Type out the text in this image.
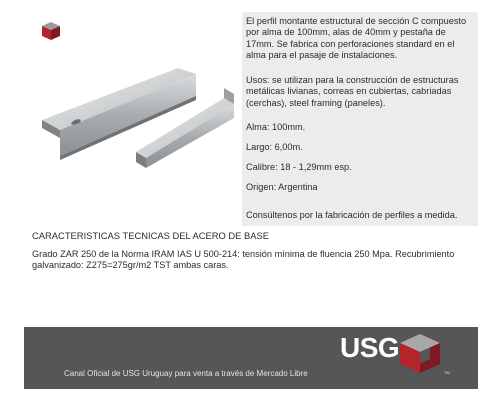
El perfil montante estructural de sección C compuesto por alma de 100mm, alas de 40mm y pestaña de 17mm. Se fabrica con perforaciones standard en el alma para el pasaje de instalaciones.

Usos: se utilizan para la construcción de estructuras metálicas livianas, correas en cubiertas, cabriadas (cerchas), steel framing (paneles).

Alma: 100mm.

Largo: 6,00m.

Calibre: 18 - 1,29mm esp.

Origen: Argentina

Consúltenos por la fabricación de perfiles a medida.

CARACTERISTICAS TECNICAS DEL ACERO DE BASE

Grado ZAR 250 de la Norma IRAM IAS U 500-214: tensión mínima de fluencia 250 Mpa. Recubrimiento galvanizado: Z275=275gr/m2 TST ambas caras.

USG

TM

Canal Oficial de USG Uruguay para venta a través de Mercado Libre
